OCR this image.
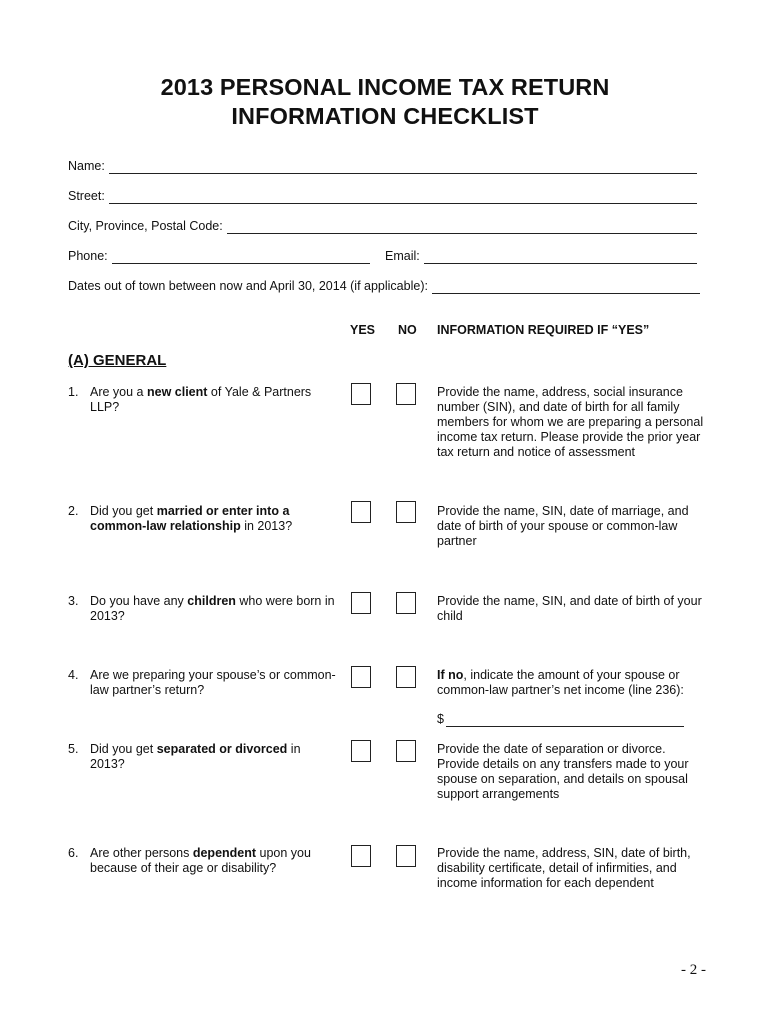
2013 PERSONAL INCOME TAX RETURN
INFORMATION CHECKLIST
Name:
Street:
City, Province, Postal Code:
Phone:	Email:
Dates out of town between now and April 30, 2014 (if applicable):
YES NO INFORMATION REQUIRED IF “YES”
(A) GENERAL
1. Are you a new client of Yale & Partners LLP?
Provide the name, address, social insurance number (SIN), and date of birth for all family members for whom we are preparing a personal income tax return. Please provide the prior year tax return and notice of assessment
2. Did you get married or enter into a common-law relationship in 2013?
Provide the name, SIN, date of marriage, and date of birth of your spouse or common-law partner
3. Do you have any children who were born in 2013?
Provide the name, SIN, and date of birth of your child
4. Are we preparing your spouse’s or common-law partner’s return?
If no, indicate the amount of your spouse or common-law partner’s net income (line 236):
$
5. Did you get separated or divorced in 2013?
Provide the date of separation or divorce. Provide details on any transfers made to your spouse on separation, and details on spousal support arrangements
6. Are other persons dependent upon you because of their age or disability?
Provide the name, address, SIN, date of birth, disability certificate, detail of infirmities, and income information for each dependent
- 2 -
